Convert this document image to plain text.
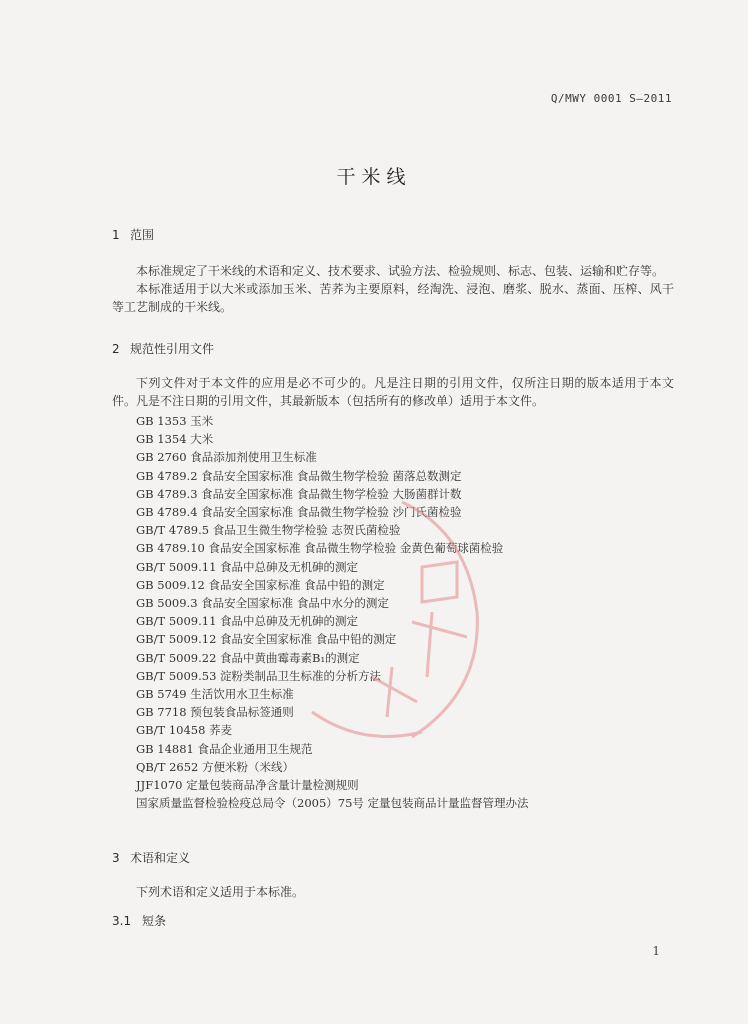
Q/MWY 0001 S—2011
干米线
1 范围
本标准规定了干米线的术语和定义、技术要求、试验方法、检验规则、标志、包装、运输和贮存等。
本标准适用于以大米或添加玉米、苦荞为主要原料，经淘洗、浸泡、磨浆、脱水、蒸面、压榨、风干等工艺制成的干米线。
2 规范性引用文件
下列文件对于本文件的应用是必不可少的。凡是注日期的引用文件，仅所注日期的版本适用于本文件。凡是不注日期的引用文件，其最新版本（包括所有的修改单）适用于本文件。
GB 1353 玉米
GB 1354 大米
GB 2760 食品添加剂使用卫生标准
GB 4789.2 食品安全国家标准 食品微生物学检验 菌落总数测定
GB 4789.3 食品安全国家标准 食品微生物学检验 大肠菌群计数
GB 4789.4 食品安全国家标准 食品微生物学检验 沙门氏菌检验
GB/T 4789.5 食品卫生微生物学检验 志贺氏菌检验
GB 4789.10 食品安全国家标准 食品微生物学检验 金黄色葡萄球菌检验
GB/T 5009.11 食品中总砷及无机砷的测定
GB 5009.12 食品安全国家标准 食品中铅的测定
GB 5009.3 食品安全国家标准 食品中水分的测定
GB/T 5009.11 食品中总砷及无机砷的测定
GB/T 5009.12 食品安全国家标准 食品中铅的测定
GB/T 5009.22 食品中黄曲霉毒素B₁的测定
GB/T 5009.53 淀粉类制品卫生标准的分析方法
GB 5749 生活饮用水卫生标准
GB 7718 预包装食品标签通则
GB/T 10458 荞麦
GB 14881 食品企业通用卫生规范
QB/T 2652 方便米粉（米线）
JJF1070 定量包装商品净含量计量检测规则
国家质量监督检验检疫总局令（2005）75号 定量包装商品计量监督管理办法
3 术语和定义
下列术语和定义适用于本标准。
3.1 短条
1
